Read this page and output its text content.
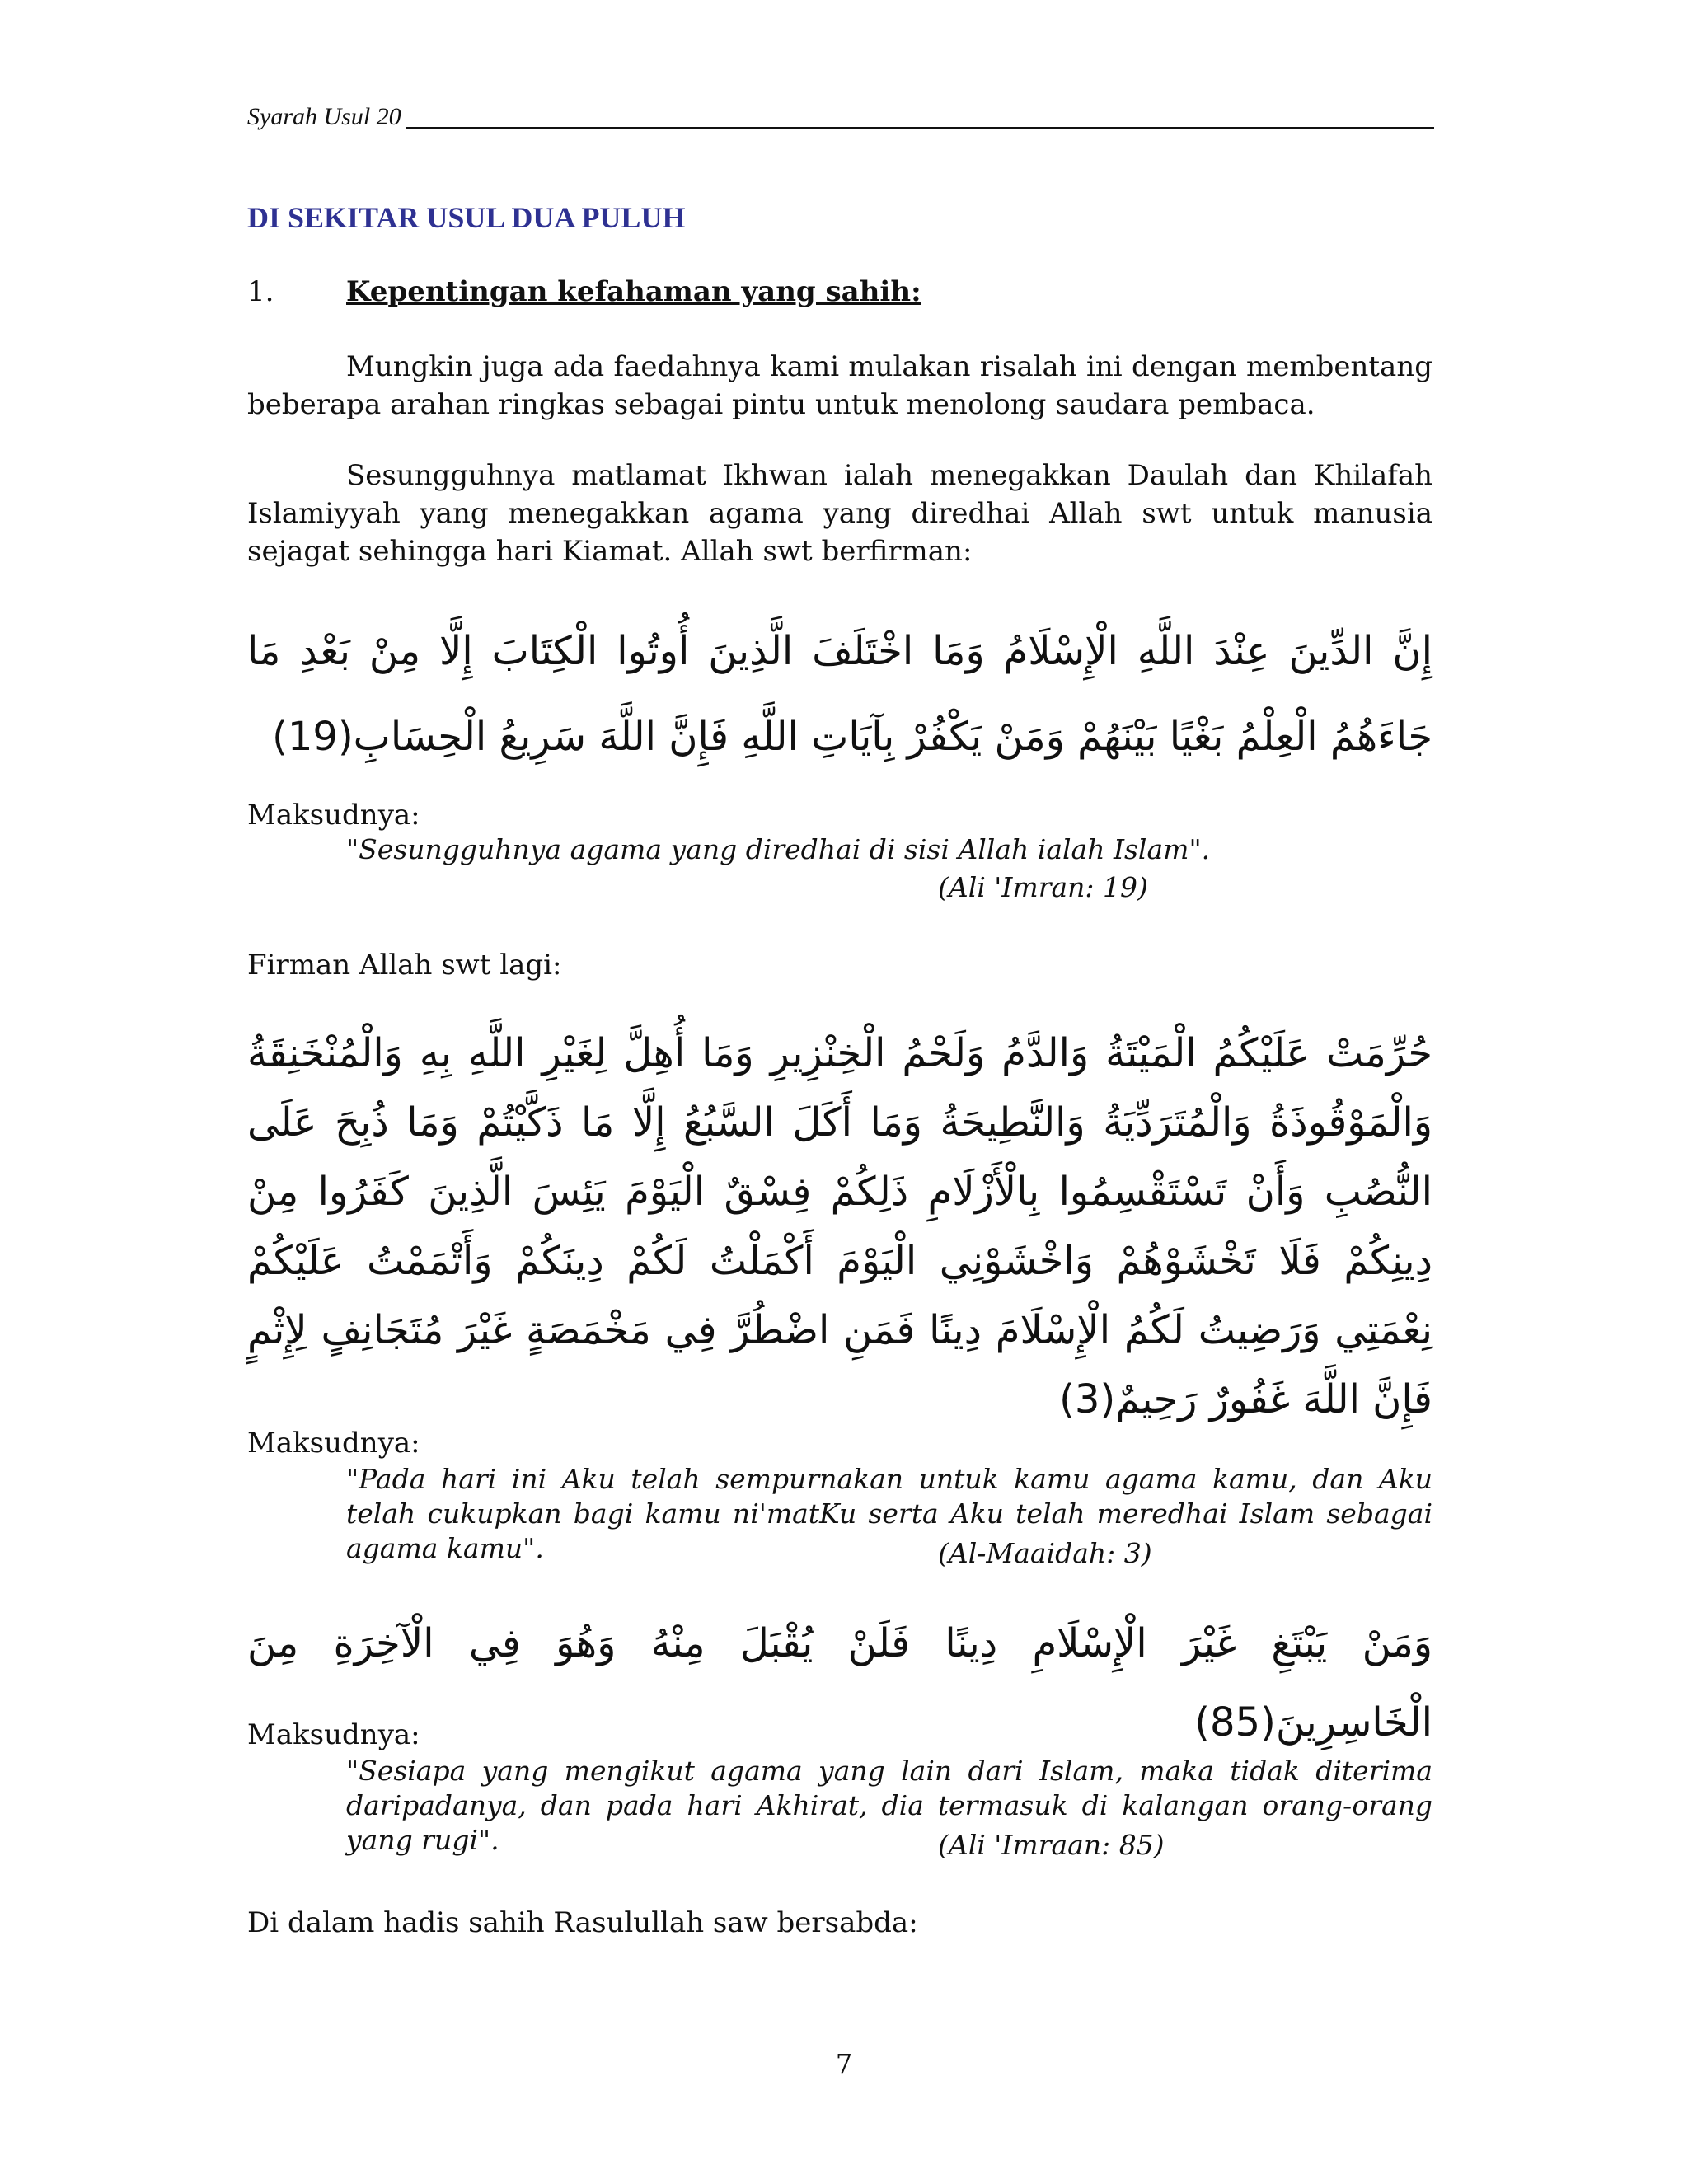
Syarah Usul 20
DI SEKITAR USUL DUA PULUH
1.	Kepentingan kefahaman yang sahih:

Mungkin juga ada faedahnya kami mulakan risalah ini dengan membentang beberapa arahan ringkas sebagai pintu untuk menolong saudara pembaca.

Sesungguhnya matlamat Ikhwan ialah menegakkan Daulah dan Khilafah Islamiyyah yang menegakkan agama yang diredhai Allah swt untuk manusia sejagat sehingga hari Kiamat. Allah swt berfirman:

إِنَّ الدِّينَ عِنْدَ اللَّهِ الْإِسْلَامُ وَمَا اخْتَلَفَ الَّذِينَ أُوتُوا الْكِتَابَ إِلَّا مِنْ بَعْدِ مَا جَاءَهُمُ الْعِلْمُ بَغْيًا بَيْنَهُمْ وَمَنْ يَكْفُرْ بِآيَاتِ اللَّهِ فَإِنَّ اللَّهَ سَرِيعُ الْحِسَابِ(19)

Maksudnya:

"Sesungguhnya agama yang diredhai di sisi Allah ialah Islam".

(Ali 'Imran: 19)

Firman Allah swt lagi:

حُرِّمَتْ عَلَيْكُمُ الْمَيْتَةُ وَالدَّمُ وَلَحْمُ الْخِنْزِيرِ وَمَا أُهِلَّ لِغَيْرِ اللَّهِ بِهِ وَالْمُنْخَنِقَةُ وَالْمَوْقُوذَةُ وَالْمُتَرَدِّيَةُ وَالنَّطِيحَةُ وَمَا أَكَلَ السَّبُعُ إِلَّا مَا ذَكَّيْتُمْ وَمَا ذُبِحَ عَلَى النُّصُبِ وَأَنْ تَسْتَقْسِمُوا بِالْأَزْلَامِ ذَلِكُمْ فِسْقٌ الْيَوْمَ يَئِسَ الَّذِينَ كَفَرُوا مِنْ دِينِكُمْ فَلَا تَخْشَوْهُمْ وَاخْشَوْنِي الْيَوْمَ أَكْمَلْتُ لَكُمْ دِينَكُمْ وَأَتْمَمْتُ عَلَيْكُمْ نِعْمَتِي وَرَضِيتُ لَكُمُ الْإِسْلَامَ دِينًا فَمَنِ اضْطُرَّ فِي مَخْمَصَةٍ غَيْرَ مُتَجَانِفٍ لِإِثْمٍ فَإِنَّ اللَّهَ غَفُورٌ رَحِيمٌ(3)

Maksudnya:

"Pada hari ini Aku telah sempurnakan untuk kamu agama kamu, dan Aku telah cukupkan bagi kamu ni'matKu serta Aku telah meredhai Islam sebagai agama kamu".	(Al-Maaidah: 3)

وَمَنْ يَبْتَغِ غَيْرَ الْإِسْلَامِ دِينًا فَلَنْ يُقْبَلَ مِنْهُ وَهُوَ فِي الْآخِرَةِ مِنَ الْخَاسِرِينَ(85)

Maksudnya:

"Sesiapa yang mengikut agama yang lain dari Islam, maka tidak diterima daripadanya, dan pada hari Akhirat, dia termasuk di kalangan orang-orang yang rugi".	(Ali 'Imraan: 85)

Di dalam hadis sahih Rasulullah saw bersabda:

7
